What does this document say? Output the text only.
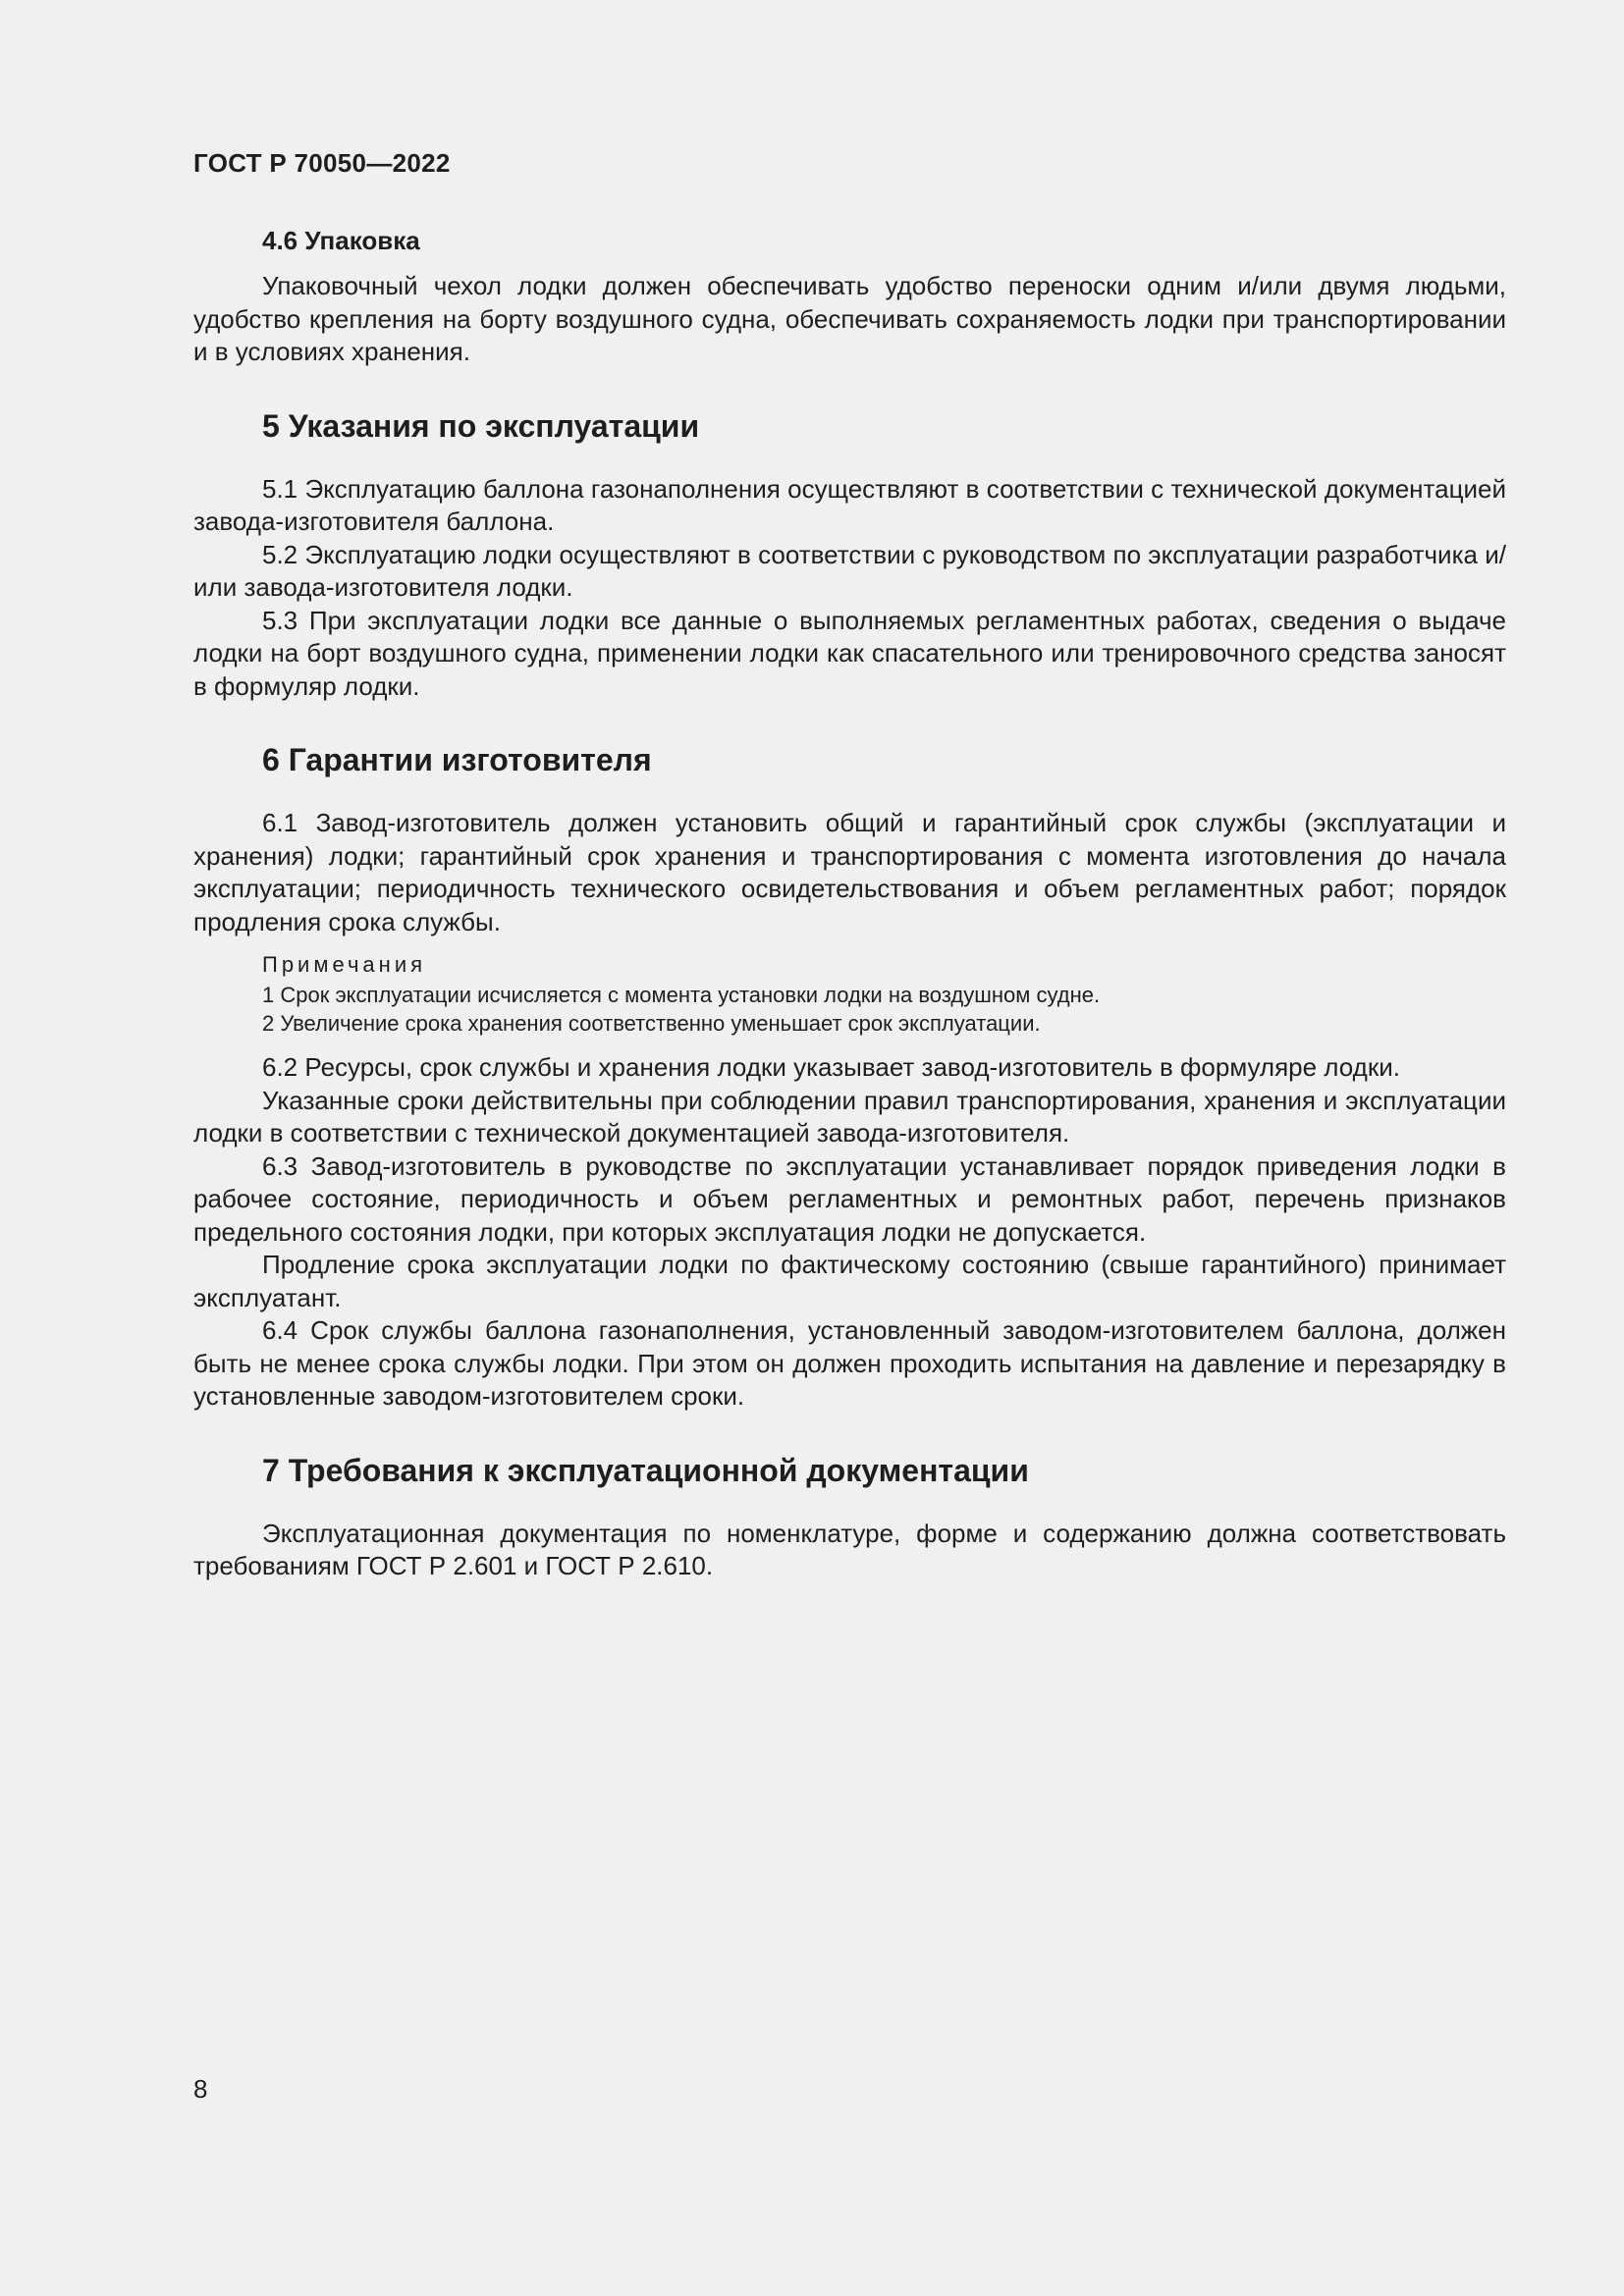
ГОСТ Р 70050—2022
4.6 Упаковка

Упаковочный чехол лодки должен обеспечивать удобство переноски одним и/или двумя людьми, удобство крепления на борту воздушного судна, обеспечивать сохраняемость лодки при транспортировании и в условиях хранения.

5 Указания по эксплуатации

5.1 Эксплуатацию баллона газонаполнения осуществляют в соответствии с технической документацией завода-изготовителя баллона.

5.2 Эксплуатацию лодки осуществляют в соответствии с руководством по эксплуатации разработчика и/или завода-изготовителя лодки.

5.3 При эксплуатации лодки все данные о выполняемых регламентных работах, сведения о выдаче лодки на борт воздушного судна, применении лодки как спасательного или тренировочного средства заносят в формуляр лодки.

6 Гарантии изготовителя

6.1 Завод-изготовитель должен установить общий и гарантийный срок службы (эксплуатации и хранения) лодки; гарантийный срок хранения и транспортирования с момента изготовления до начала эксплуатации; периодичность технического освидетельствования и объем регламентных работ; порядок продления срока службы.

Примечания
1 Срок эксплуатации исчисляется с момента установки лодки на воздушном судне.
2 Увеличение срока хранения соответственно уменьшает срок эксплуатации.

6.2 Ресурсы, срок службы и хранения лодки указывает завод-изготовитель в формуляре лодки.

Указанные сроки действительны при соблюдении правил транспортирования, хранения и эксплуатации лодки в соответствии с технической документацией завода-изготовителя.

6.3 Завод-изготовитель в руководстве по эксплуатации устанавливает порядок приведения лодки в рабочее состояние, периодичность и объем регламентных и ремонтных работ, перечень признаков предельного состояния лодки, при которых эксплуатация лодки не допускается.

Продление срока эксплуатации лодки по фактическому состоянию (свыше гарантийного) принимает эксплуатант.

6.4 Срок службы баллона газонаполнения, установленный заводом-изготовителем баллона, должен быть не менее срока службы лодки. При этом он должен проходить испытания на давление и перезарядку в установленные заводом-изготовителем сроки.

7 Требования к эксплуатационной документации

Эксплуатационная документация по номенклатуре, форме и содержанию должна соответствовать требованиям ГОСТ Р 2.601 и ГОСТ Р 2.610.

8
